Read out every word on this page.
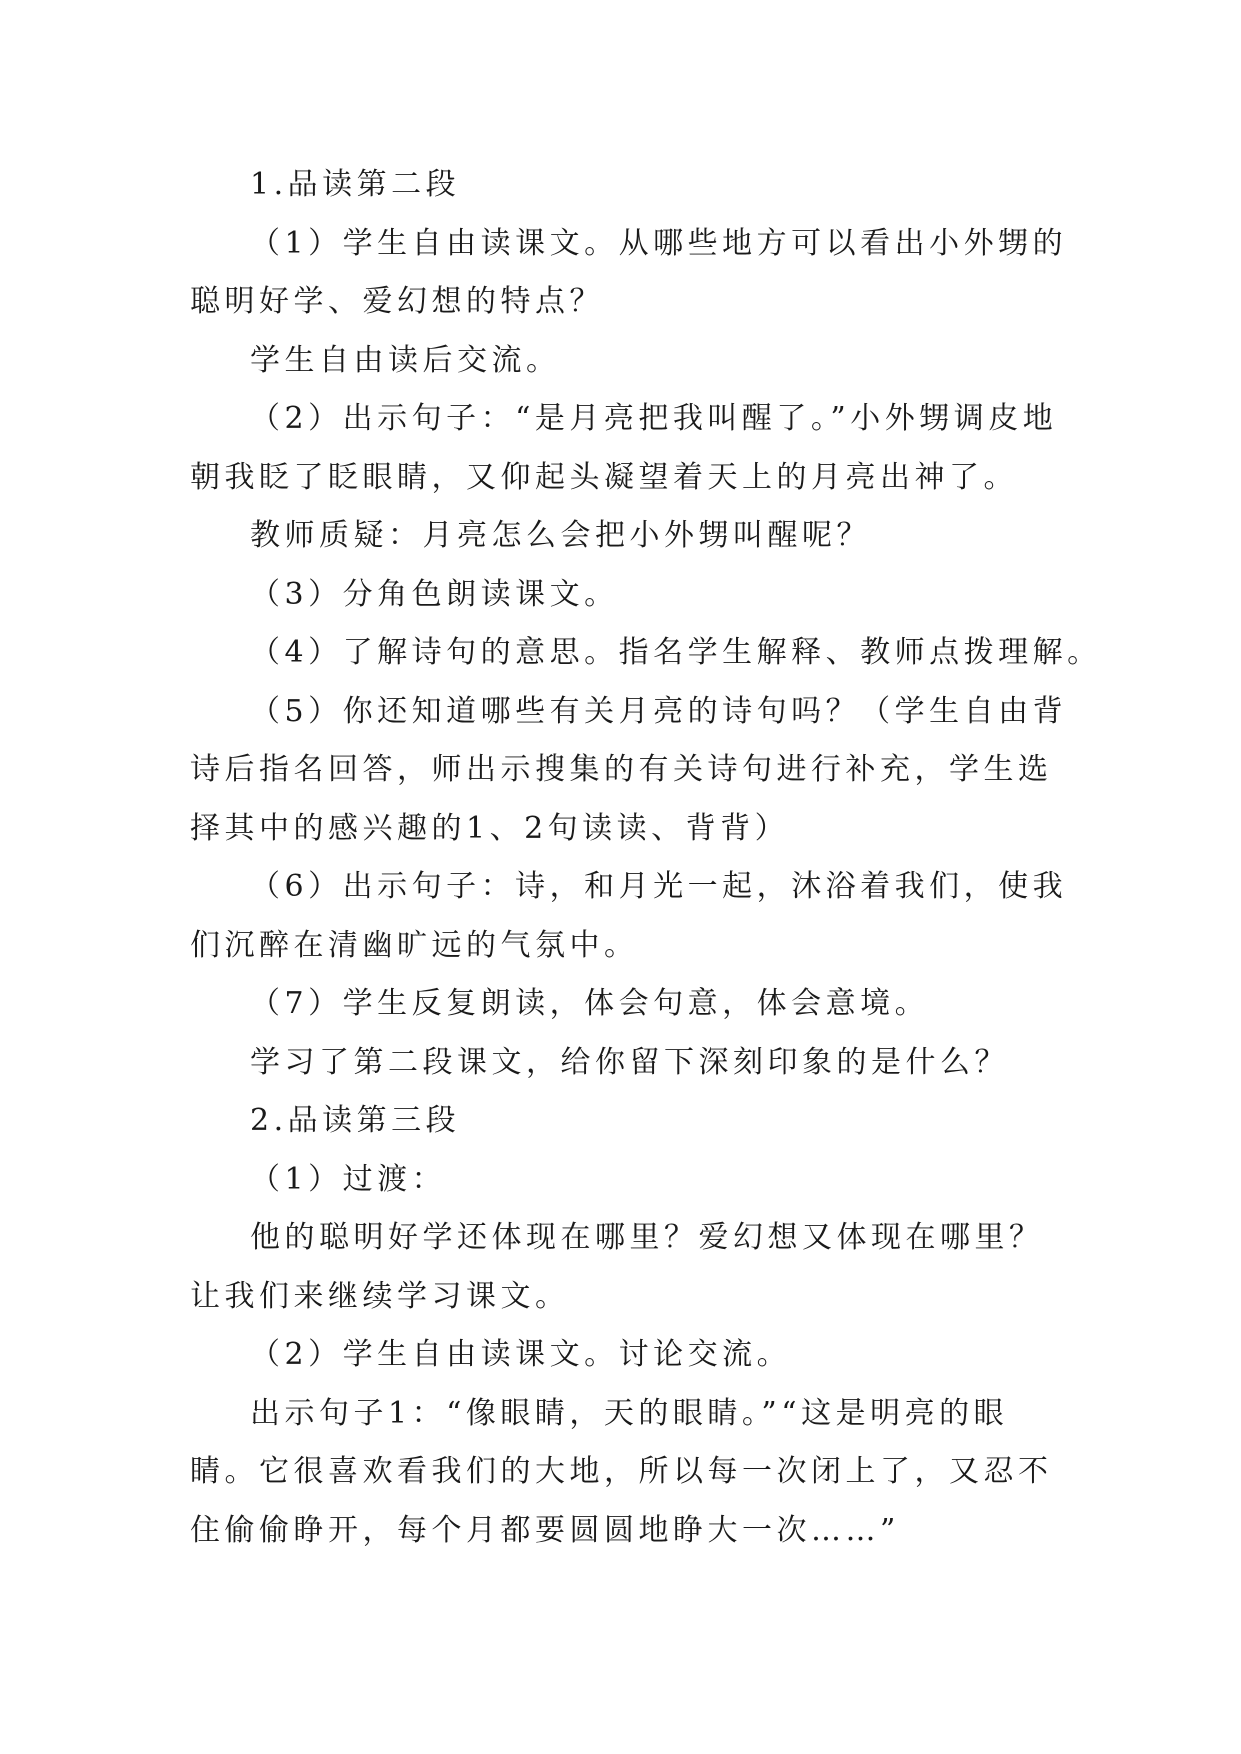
1.品读第二段

（1）学生自由读课文。从哪些地方可以看出小外甥的聪明好学、爱幻想的特点？

学生自由读后交流。

（2）出示句子：“是月亮把我叫醒了。”小外甥调皮地朝我眨了眨眼睛，又仰起头凝望着天上的月亮出神了。

教师质疑：月亮怎么会把小外甥叫醒呢？

（3）分角色朗读课文。

（4）了解诗句的意思。指名学生解释、教师点拨理解。

（5）你还知道哪些有关月亮的诗句吗？（学生自由背诗后指名回答，师出示搜集的有关诗句进行补充，学生选择其中的感兴趣的1、2句读读、背背）

（6）出示句子：诗，和月光一起，沐浴着我们，使我们沉醉在清幽旷远的气氛中。

（7）学生反复朗读，体会句意，体会意境。

学习了第二段课文，给你留下深刻印象的是什么？

2.品读第三段

（1）过渡：

他的聪明好学还体现在哪里？爱幻想又体现在哪里？让我们来继续学习课文。

（2）学生自由读课文。讨论交流。

出示句子1：“像眼睛，天的眼睛。”“这是明亮的眼睛。它很喜欢看我们的大地，所以每一次闭上了，又忍不住偷偷睁开，每个月都要圆圆地睁大一次……”
